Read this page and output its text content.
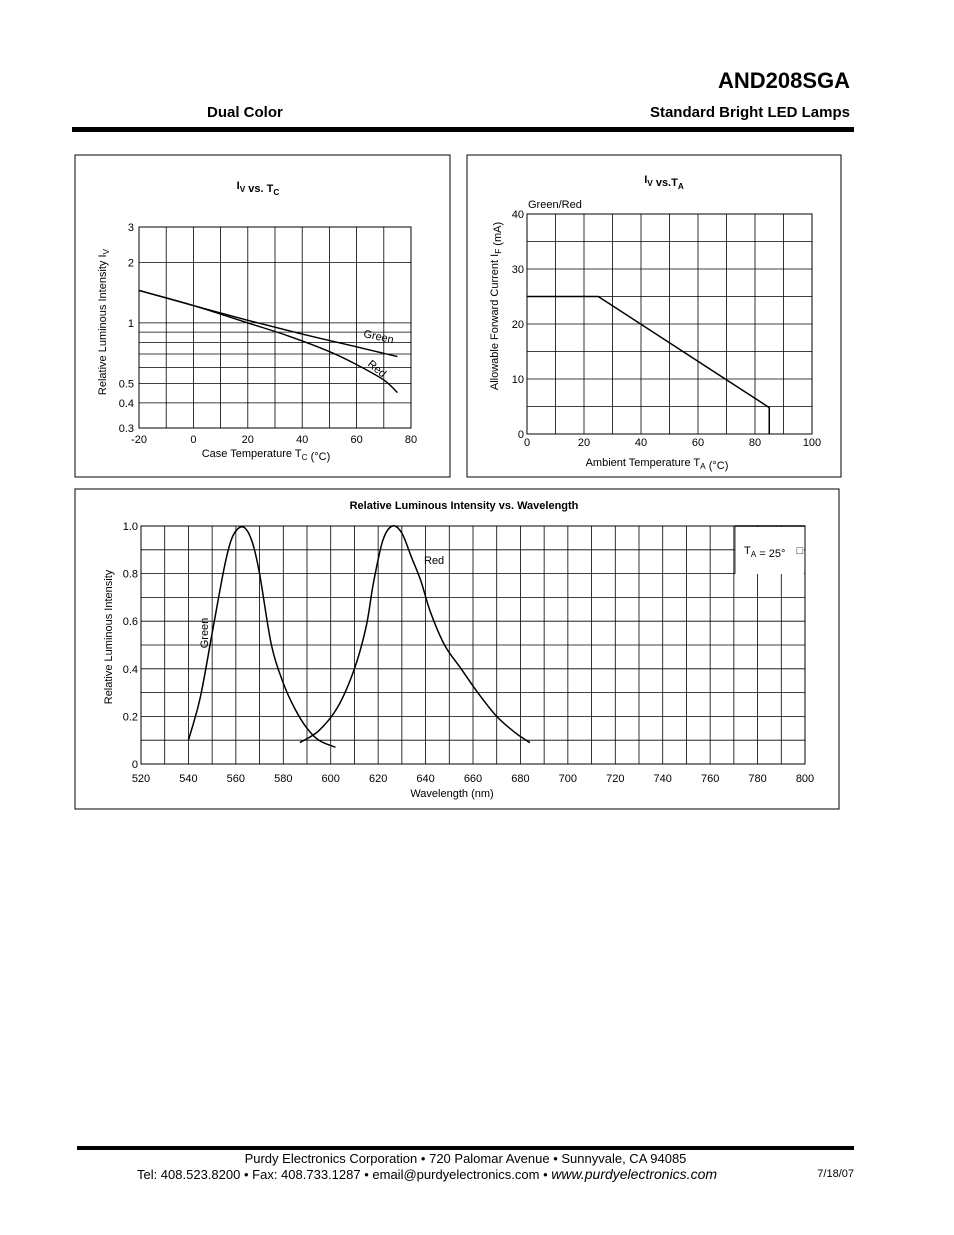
AND208SGA
Dual Color	Standard Bright LED Lamps
$I_V$ vs. $T_C$
-20	0	20	40	60	80
0.3
0.4
0.5
1
2
3
Case Temperature $T_C$ (°C)
Relative Luminous Intensity $I_V$
Green
Red
$I_V$ $vs.T_A$
0	20	40	60	80	100
0
10
20
30
40
Ambient Temperature $T_A$ (°C)
Allowable Forward Current $I_F$ (mA)
Green/Red
$T_A = 25^\circ$ □
Relative Luminous Intensity vs. Wavelength
520	540	560	580	600	620	640	660	680	700	720	740	760	780	800
0
0.2
0.4
0.6
0.8
1.0
Wavelength (nm)
Relative Luminous Intensity	Green
Red
Purdy Electronics Corporation • 720 Palomar Avenue • Sunnyvale, CA 94085
Tel: 408.523.8200 • Fax: 408.733.1287 • email@purdyelectronics.com • www.purdyelectronics.com	7/18/07
